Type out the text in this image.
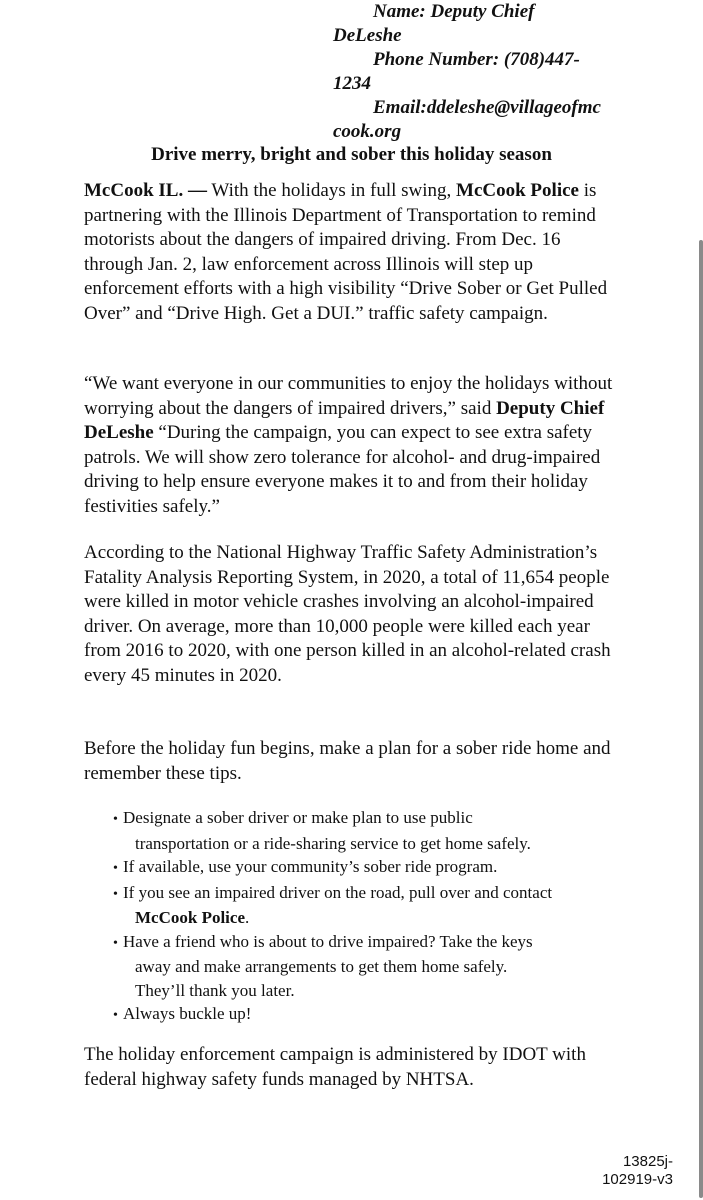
Name: Deputy Chief
DeLeshe
Phone Number: (708)447-
1234
Email:ddeleshe@villageofmc
cook.org
Drive merry, bright and sober this holiday season

McCook IL. — With the holidays in full swing, McCook Police is partnering with the Illinois Department of Transportation to remind motorists about the dangers of impaired driving. From Dec. 16 through Jan. 2, law enforcement across Illinois will step up enforcement efforts with a high visibility “Drive Sober or Get Pulled Over” and “Drive High. Get a DUI.” traffic safety campaign.

“We want everyone in our communities to enjoy the holidays without worrying about the dangers of impaired drivers,” said Deputy Chief DeLeshe “During the campaign, you can expect to see extra safety patrols. We will show zero tolerance for alcohol- and drug-impaired driving to help ensure everyone makes it to and from their holiday festivities safely.”

According to the National Highway Traffic Safety Administration’s Fatality Analysis Reporting System, in 2020, a total of 11,654 people were killed in motor vehicle crashes involving an alcohol-impaired driver. On average, more than 10,000 people were killed each year from 2016 to 2020, with one person killed in an alcohol-related crash every 45 minutes in 2020.

Before the holiday fun begins, make a plan for a sober ride home and remember these tips.

• Designate a sober driver or make plan to use public
transportation or a ride-sharing service to get home safely.
• If available, use your community’s sober ride program.
• If you see an impaired driver on the road, pull over and contact
McCook Police.
• Have a friend who is about to drive impaired? Take the keys
away and make arrangements to get them home safely.
They’ll thank you later.
• Always buckle up!

The holiday enforcement campaign is administered by IDOT with federal highway safety funds managed by NHTSA.

13825j-
102919-v3
